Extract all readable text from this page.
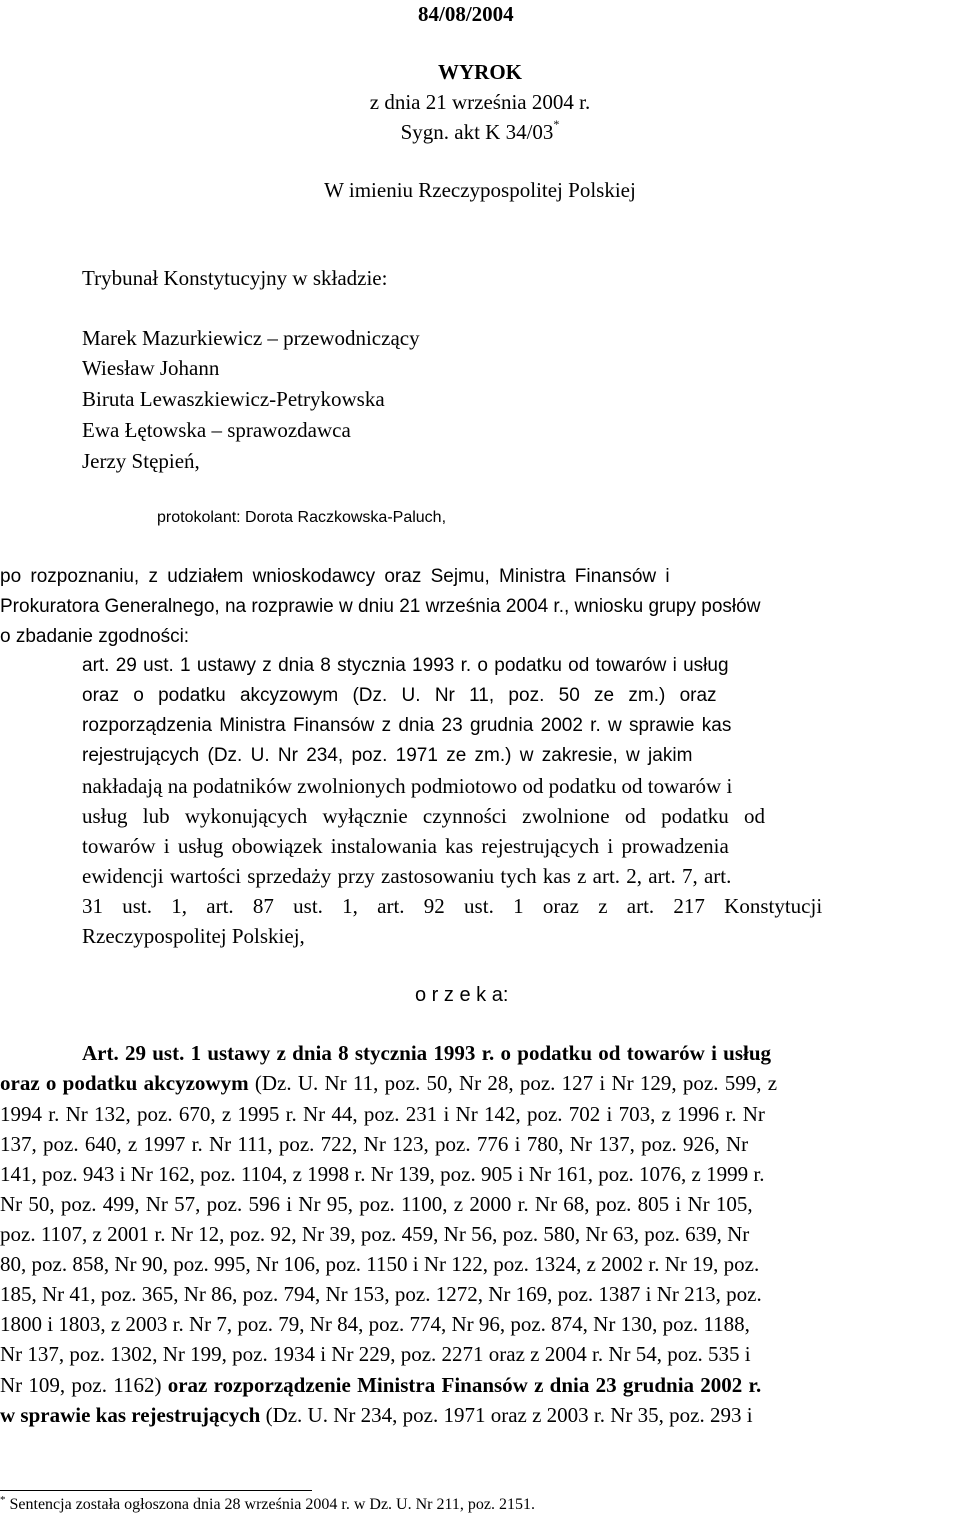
84/08/2004
WYROK
z dnia 21 września 2004 r.
Sygn. akt K 34/03*
W imieniu Rzeczypospolitej Polskiej
Trybunał Konstytucyjny w składzie:
Marek Mazurkiewicz – przewodniczący
Wiesław Johann
Biruta Lewaszkiewicz-Petrykowska
Ewa Łętowska – sprawozdawca
Jerzy Stępień,
protokolant: Dorota Raczkowska-Paluch,
po rozpoznaniu, z udziałem wnioskodawcy oraz Sejmu, Ministra Finansów i
Prokuratora Generalnego, na rozprawie w dniu 21 września 2004 r., wniosku grupy posłów
o zbadanie zgodności:
art. 29 ust. 1 ustawy z dnia 8 stycznia 1993 r. o podatku od towarów i usług
oraz o podatku akcyzowym (Dz. U. Nr 11, poz. 50 ze zm.) oraz
rozporządzenia Ministra Finansów z dnia 23 grudnia 2002 r. w sprawie kas
rejestrujących (Dz. U. Nr 234, poz. 1971 ze zm.) w zakresie, w jakim
nakładają na podatników zwolnionych podmiotowo od podatku od towarów i
usług lub wykonujących wyłącznie czynności zwolnione od podatku od
towarów i usług obowiązek instalowania kas rejestrujących i prowadzenia
ewidencji wartości sprzedaży przy zastosowaniu tych kas z art. 2, art. 7, art.
31 ust. 1, art. 87 ust. 1, art. 92 ust. 1 oraz z art. 217 Konstytucji
Rzeczypospolitej Polskiej,
o r z e k a:
Art. 29 ust. 1 ustawy z dnia 8 stycznia 1993 r. o podatku od towarów i usług
oraz o podatku akcyzowym (Dz. U. Nr 11, poz. 50, Nr 28, poz. 127 i Nr 129, poz. 599, z
1994 r. Nr 132, poz. 670, z 1995 r. Nr 44, poz. 231 i Nr 142, poz. 702 i 703, z 1996 r. Nr
137, poz. 640, z 1997 r. Nr 111, poz. 722, Nr 123, poz. 776 i 780, Nr 137, poz. 926, Nr
141, poz. 943 i Nr 162, poz. 1104, z 1998 r. Nr 139, poz. 905 i Nr 161, poz. 1076, z 1999 r.
Nr 50, poz. 499, Nr 57, poz. 596 i Nr 95, poz. 1100, z 2000 r. Nr 68, poz. 805 i Nr 105,
poz. 1107, z 2001 r. Nr 12, poz. 92, Nr 39, poz. 459, Nr 56, poz. 580, Nr 63, poz. 639, Nr
80, poz. 858, Nr 90, poz. 995, Nr 106, poz. 1150 i Nr 122, poz. 1324, z 2002 r. Nr 19, poz.
185, Nr 41, poz. 365, Nr 86, poz. 794, Nr 153, poz. 1272, Nr 169, poz. 1387 i Nr 213, poz.
1800 i 1803, z 2003 r. Nr 7, poz. 79, Nr 84, poz. 774, Nr 96, poz. 874, Nr 130, poz. 1188,
Nr 137, poz. 1302, Nr 199, poz. 1934 i Nr 229, poz. 2271 oraz z 2004 r. Nr 54, poz. 535 i
Nr 109, poz. 1162) oraz rozporządzenie Ministra Finansów z dnia 23 grudnia 2002 r.
w sprawie kas rejestrujących (Dz. U. Nr 234, poz. 1971 oraz z 2003 r. Nr 35, poz. 293 i
* Sentencja została ogłoszona dnia 28 września 2004 r. w Dz. U. Nr 211, poz. 2151.
